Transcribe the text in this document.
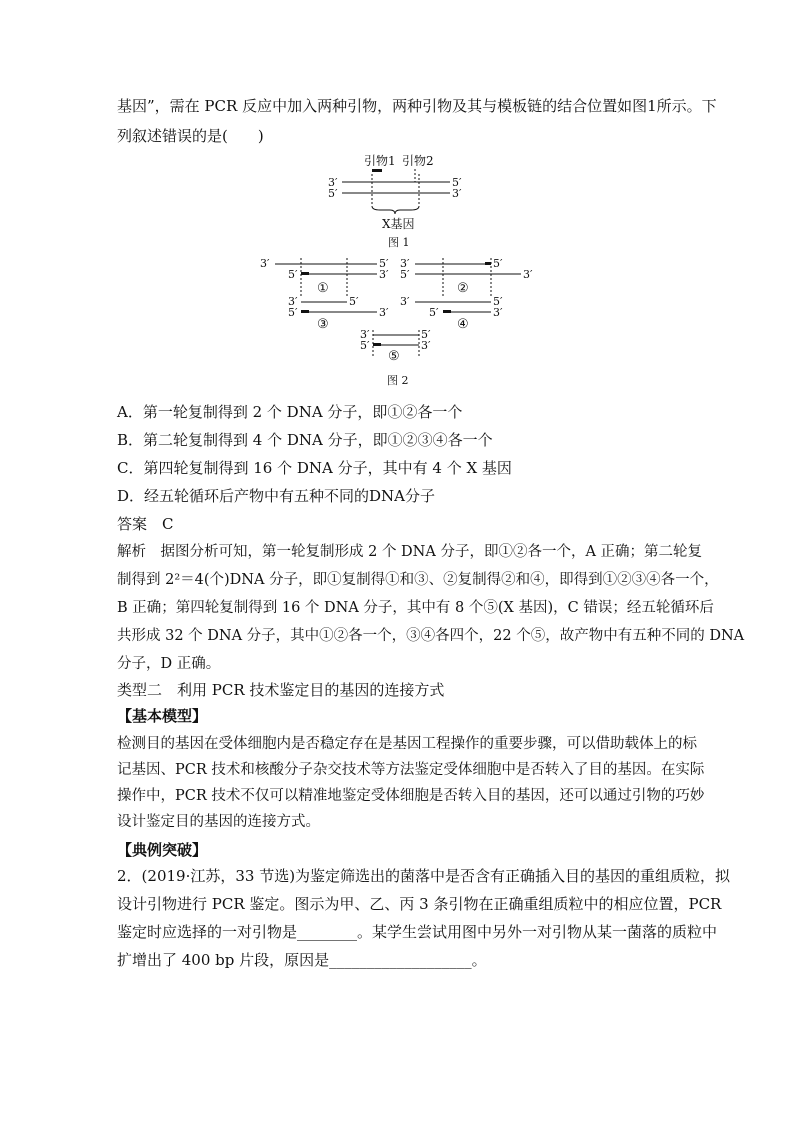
基因”，需在 PCR 反应中加入两种引物，两种引物及其与模板链的结合位置如图1所示。下
列叙述错误的是(　　)
引物1 引物2
3′
5′
5′
3′
X基因
图 1
3′	5′
5′	3′
①
3′	5′
5′	3′
②
3′	5′
5′	3′
③
3′	5′
5′	3′
④
3′	5′
5′	3′
⑤
图 2
A．第一轮复制得到 2 个 DNA 分子，即①②各一个
B．第二轮复制得到 4 个 DNA 分子，即①②③④各一个
C．第四轮复制得到 16 个 DNA 分子，其中有 4 个 X 基因
D．经五轮循环后产物中有五种不同的DNA分子
答案　C
解析　据图分析可知，第一轮复制形成 2 个 DNA 分子，即①②各一个，A 正确；第二轮复
制得到 2²＝4(个)DNA 分子，即①复制得①和③、②复制得②和④，即得到①②③④各一个，
B 正确；第四轮复制得到 16 个 DNA 分子，其中有 8 个⑤(X 基因)，C 错误；经五轮循环后
共形成 32 个 DNA 分子，其中①②各一个，③④各四个，22 个⑤，故产物中有五种不同的 DNA
分子，D 正确。
类型二　利用 PCR 技术鉴定目的基因的连接方式
【基本模型】
检测目的基因在受体细胞内是否稳定存在是基因工程操作的重要步骤，可以借助载体上的标
记基因、PCR 技术和核酸分子杂交技术等方法鉴定受体细胞中是否转入了目的基因。在实际
操作中，PCR 技术不仅可以精准地鉴定受体细胞是否转入目的基因，还可以通过引物的巧妙
设计鉴定目的基因的连接方式。
【典例突破】
2．(2019·江苏，33 节选)为鉴定筛选出的菌落中是否含有正确插入目的基因的重组质粒，拟
设计引物进行 PCR 鉴定。图示为甲、乙、丙 3 条引物在正确重组质粒中的相应位置，PCR
鉴定时应选择的一对引物是________。某学生尝试用图中另外一对引物从某一菌落的质粒中
扩增出了 400 bp 片段，原因是___________________。
